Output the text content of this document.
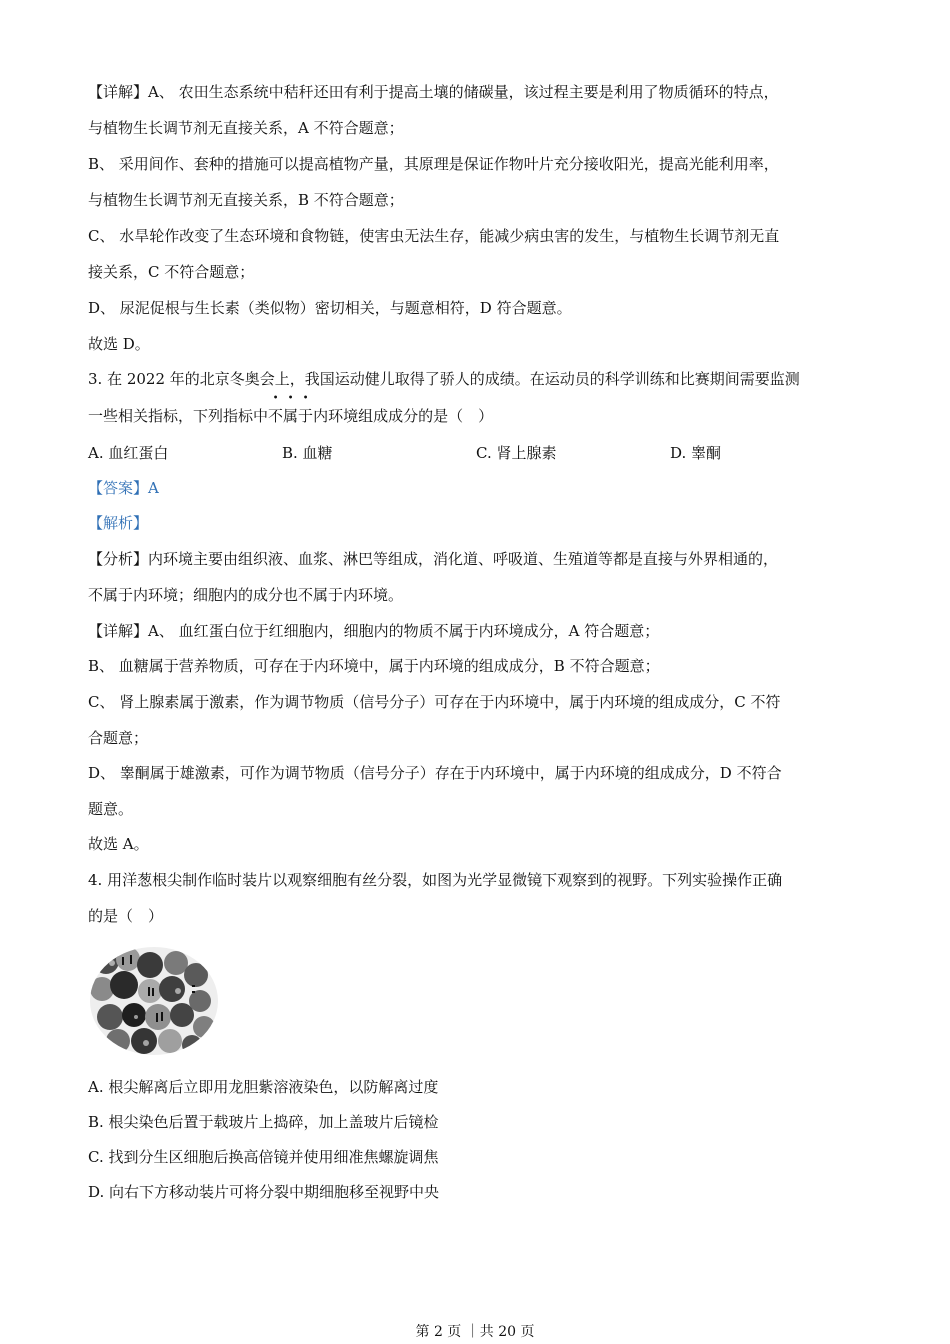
【详解】A、 农田生态系统中秸秆还田有利于提高土壤的储碳量，该过程主要是利用了物质循环的特点，
与植物生长调节剂无直接关系，A 不符合题意；
B、 采用间作、套种的措施可以提高植物产量，其原理是保证作物叶片充分接收阳光，提高光能利用率，
与植物生长调节剂无直接关系，B 不符合题意；
C、 水旱轮作改变了生态环境和食物链，使害虫无法生存，能减少病虫害的发生，与植物生长调节剂无直
接关系，C 不符合题意；
D、 尿泥促根与生长素（类似物）密切相关，与题意相符，D 符合题意。
故选 D。
3. 在 2022 年的北京冬奥会上，我国运动健儿取得了骄人的成绩。在运动员的科学训练和比赛期间需要监测
一些相关指标，下列指标中不属于内环境组成成分的是（　）
A. 血红蛋白	B. 血糖	C. 肾上腺素	D. 睾酮
【答案】A
【解析】
【分析】内环境主要由组织液、血浆、淋巴等组成，消化道、呼吸道、生殖道等都是直接与外界相通的，
不属于内环境；细胞内的成分也不属于内环境。
【详解】A、 血红蛋白位于红细胞内，细胞内的物质不属于内环境成分，A 符合题意；
B、 血糖属于营养物质，可存在于内环境中，属于内环境的组成成分，B 不符合题意；
C、 肾上腺素属于激素，作为调节物质（信号分子）可存在于内环境中，属于内环境的组成成分，C 不符
合题意；
D、 睾酮属于雄激素，可作为调节物质（信号分子）存在于内环境中，属于内环境的组成成分，D 不符合
题意。
故选 A。
4. 用洋葱根尖制作临时装片以观察细胞有丝分裂，如图为光学显微镜下观察到的视野。下列实验操作正确
的是（　）
A. 根尖解离后立即用龙胆紫溶液染色，以防解离过度
B. 根尖染色后置于载玻片上捣碎，加上盖玻片后镜检
C. 找到分生区细胞后换高倍镜并使用细准焦螺旋调焦
D. 向右下方移动装片可将分裂中期细胞移至视野中央
第 2 页 ｜共 20 页
